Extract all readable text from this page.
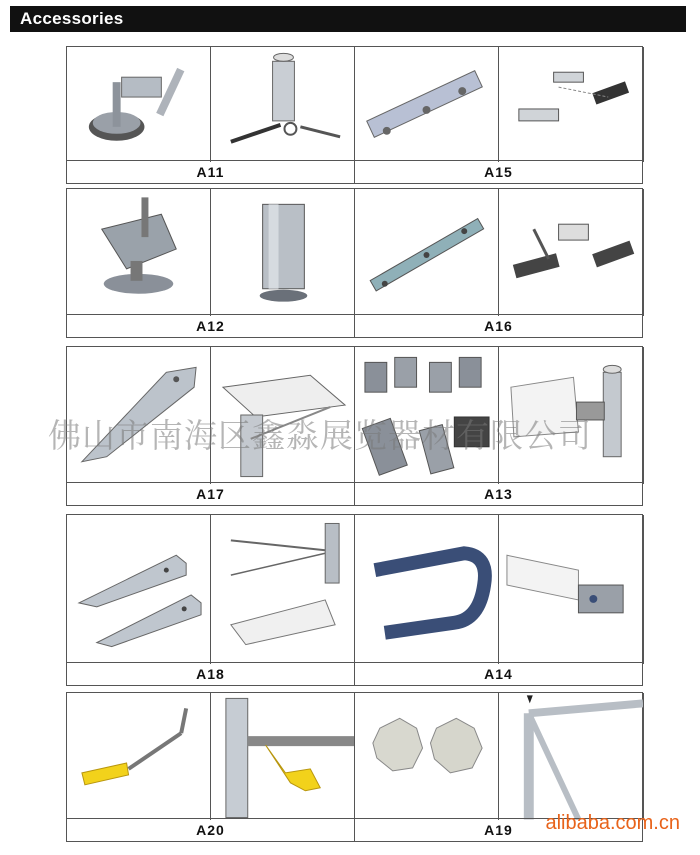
Accessories
A11	A15
A12	A16
A17	A13
A18	A14
A20	A19
佛山市南海区鑫淼展览器材有限公司
alibaba.com.cn
